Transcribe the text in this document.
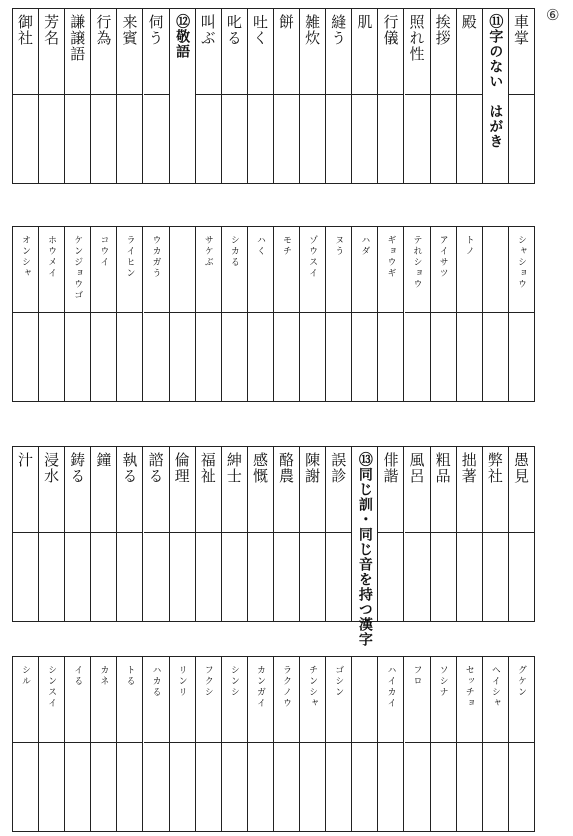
⑥
御社 芳名 謙譲語 行為 来賓 伺う ⑫敬語 叫ぶ 叱る 吐く 餅 雑炊 縫う 肌 行儀 照れ性 挨拶 殿 ⑪字のない　はがき 車掌
オンシャ ホウメイ ケンジョウゴ コウイ ライヒン ウカガう	サケぶ シカる ハく モチ ゾウスイ ヌう ハダ ギョウギ テれショウ アイサツ トノ	シャショウ
汁 浸水 鋳る 鐘 執る 諮る 倫理 福祉 紳士 感慨 酪農 陳謝 誤診 ⑬同じ訓・同じ音を持つ漢字 俳諧 風呂 粗品 拙著 弊社 愚見
シル シンスイ イる カネ トる ハカる リンリ フクシ シンシ カンガイ ラクノウ チンシャ ゴシン	ハイカイ フロ ソシナ セッチョ ヘイシャ グケン
